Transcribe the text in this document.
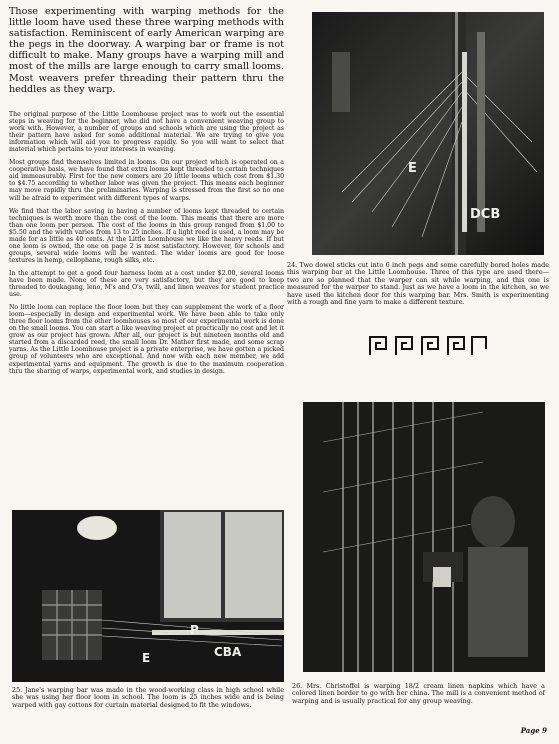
Those experimenting with warping methods for the little loom have used these three warping methods with satisfaction. Reminiscent of early American warping are the pegs in the doorway. A warping bar or frame is not difficult to make. Many groups have a warping mill and most of the mills are large enough to carry small looms. Most weavers prefer threading their pattern thru the heddles as they warp.

The original purpose of the Little Loomhouse project was to work out the essential steps in weaving for the beginner, who did not have a convenient weaving group to work with. However, a number of groups and schools which are using the project as their pattern have asked for some additional material. We are trying to give you information which will aid you to progress rapidly. So you will want to select that material which pertains to your interests in weaving.

Most groups find themselves limited in looms. On our project which is operated on a cooperative basis, we have found that extra looms kept threaded to certain techniques aid immeasurably. First for the new comers are 20 little looms which cost from $1.30 to $4.75 according to whether labor was given the project. This means each beginner may move rapidly thru the preliminaries. Warping is stressed from the first so no one will be afraid to experiment with different types of warps.

We find that the labor saving in having a number of looms kept threaded to certain techniques is worth more than the cost of the loom. This means that there are more than one loom per person. The cost of the looms in this group ranged from $1.00 to $5.50 and the width varies from 13 to 25 inches. If a light reed is used, a loom may be made for as little as 40 cents. At the Little Loomhouse we like the heavy reeds. If but one loom is owned, the one on page 2 is most satisfactory. However, for schools and groups, several wide looms will be wanted. The wider looms are good for loose textures in hemp, cellophane, rough silks, etc.

In the attempt to get a good four harness loom at a cost under $2.00, several looms have been made. None of these are very satisfactory, but they are good to keep threaded to doukagang, leno, M's and O's, twill, and linen weaves for student practice use.

No little loom can replace the floor loom but they can supplement the work of a floor loom—especially in design and experimental work. We have been able to take only three floor looms from the other loomhouses so most of our experimental work is done on the small looms. You can start a like weaving project at practically no cost and let it grow as our project has grown. After all, our project is but nineteen months old and started from a discarded reed, the small loom Dr. Mather first made, and some scrap yarns. As the Little Loomhouse project is a private enterprise, we have gotten a picked group of volunteers who are exceptional. And now with each new member, we add experimental yarns and equipment. The growth is due to the maximum cooperation thru the sharing of warps, experimental work, and studies in design.

E
DCB
24. Two dowel sticks cut into 6 inch pegs and some carefully bored holes made this warping bar at the Little Loomhouse. Three of this type are used there—two are so planned that the warper can sit while warping, and this one is measured for the warper to stand. Just as we have a loom in the kitchen, so we have used the kitchen door for this warping bar. Mrs. Smith is experimenting with a rough and fine yarn to make a different texture.
P
CBA
E
25. Jane's warping bar was made in the wood-working class in high school while she was using her floor loom in school. The loom is 25 inches wide and is being warped with gay cottons for curtain material designed to fit the windows.
26. Mrs. Christoffel is warping 18/2 cream linen napkins which have a colored linen border to go with her china. The mill is a convenient method of warping and is usually practical for any group weaving.
Page 9
